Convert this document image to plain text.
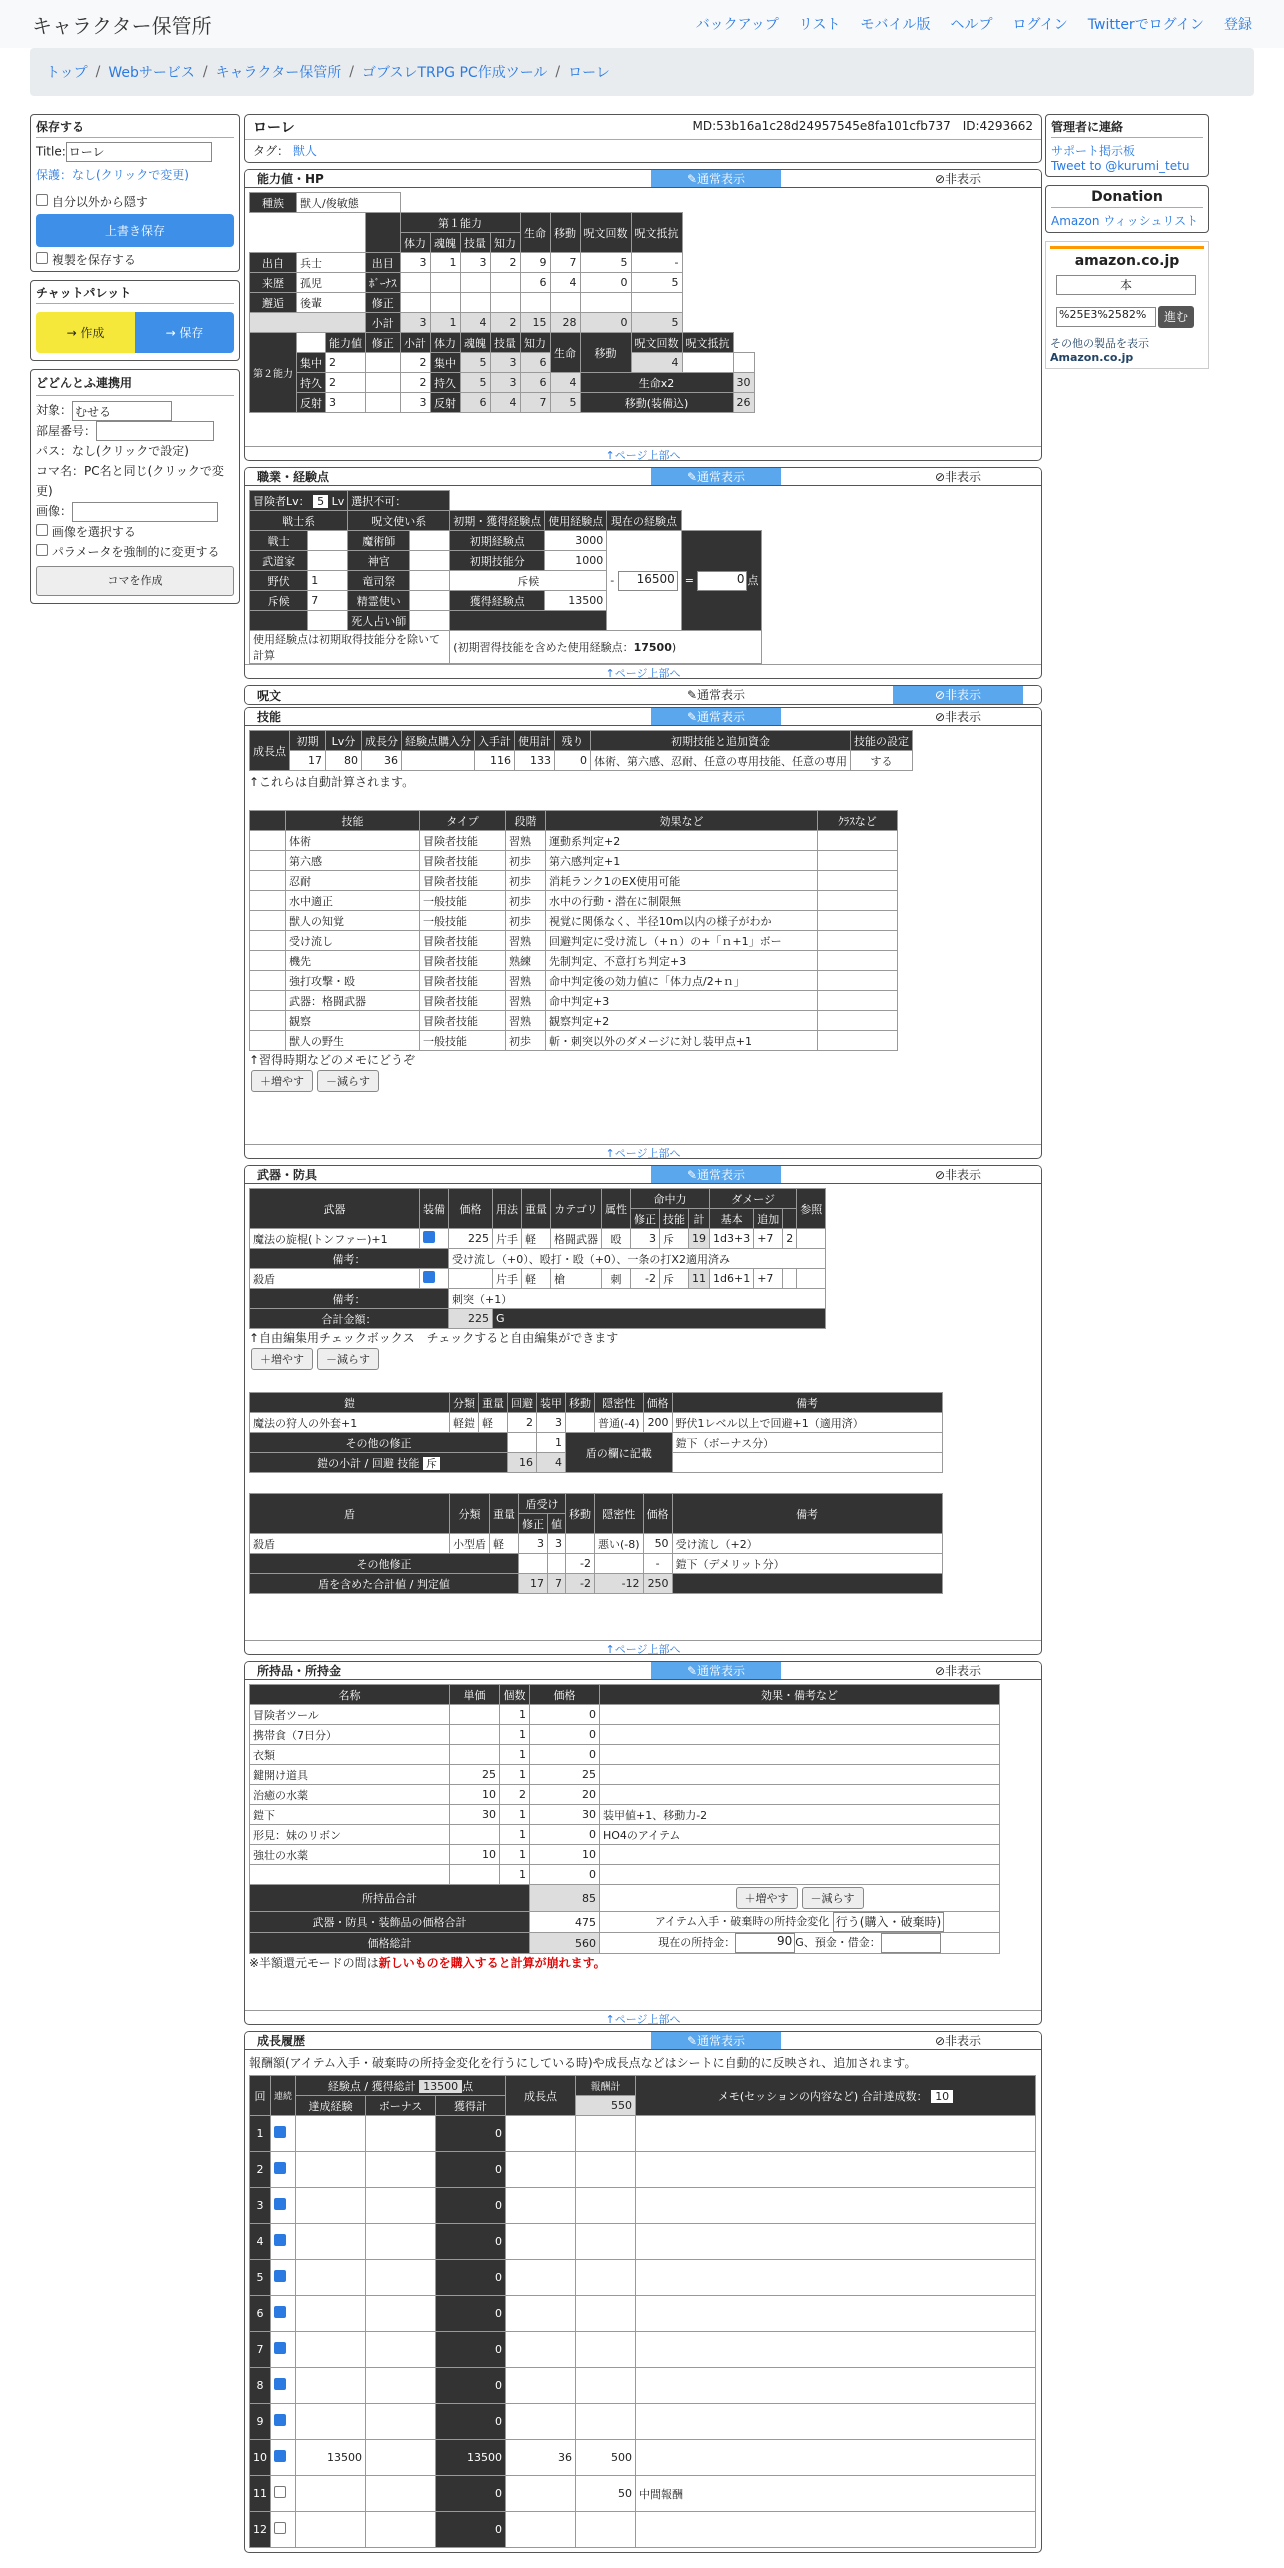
キャラクター保管所	バックアップ リスト モバイル版 ヘルプ ログイン Twitterでログイン 登録
トップ / Webサービス / キャラクター保管所 / ゴブスレTRPG PC作成ツール / ローレ
保存する
Title: ローレ
保護：なし(クリックで変更)
自分以外から隠す
上書き保存
複製を保存する
チャットパレット
→ 作成	→ 保存
どどんとふ連携用
対象： むせる
部屋番号：
パス：なし(クリックで設定)
コマ名：PC名と同じ(クリックで変更)
画像：
画像を選択する
パラメータを強制的に変更する
コマを作成
ローレ	MD:53b16a1c28d24957545e8fa101cfb737　 ID:4293662
タグ： 獣人
能力値・HP	✎通常表示	⊘非表示
種族	獣人/俊敏態												
				第１能力				生命	移動	呪文回数	呪文抵抗		
				体力	魂魄	技量	知力						
出自	兵士		出目	3	1	3	2	9	7	5	-		
来歴	孤児		ﾎﾞｰﾅｽ					6	4	0	5		
邂逅	後輩		修正										
			小計	3	1	4	2	15	28	0	5		
第２能力		能力値	修正	小計	体力	魂魄	技量	知力	生命	移動	呪文回数	呪文抵抗	
	集中	2		2	集中	5	3	6			4		
	持久	2		2	持久	5	3	6	4	生命x2			30
	反射	3		3	反射	6	4	7	5	移動(装備込)			26
↑ページ上部へ
職業・経験点	✎通常表示	⊘非表示
冒険者Lv： 5 Lv		選択不可：					
戦士系		呪文使い系		初期・獲得経験点	使用経験点	現在の経験点	
戦士		魔術師		初期経験点	3000	- 16500	= 0 点
武道家		神官		初期技能分	1000		
野伏	1	竜司祭		斥候			
斥候	7	精霊使い		獲得経験点	13500		
		死人占い師					
使用経験点は初期取得技能分を除いて計算				(初期習得技能を含めた使用経験点：17500)			
↑ページ上部へ
呪文	✎通常表示	⊘非表示
技能	✎通常表示	⊘非表示
成長点	初期	Lv分	成長分	経験点購入分	入手計	使用計	残り	初期技能と追加資金	技能の設定
	17	80	36		116	133	0	体術、第六感、忍耐、任意の専用技能、任意の専用	する
↑これらは自動計算されます。
	技能	タイプ	段階	効果など	ｸﾗｽなど
	体術	冒険者技能	習熟	運動系判定+2	
	第六感	冒険者技能	初歩	第六感判定+1	
	忍耐	冒険者技能	初歩	消耗ランク1のEX使用可能	
	水中適正	一般技能	初歩	水中の行動・潜在に制限無	
	獣人の知覚	一般技能	初歩	視覚に関係なく、半径10m以内の様子がわか	
	受け流し	冒険者技能	習熟	回避判定に受け流し（+ｎ）の+「ｎ+1」ボー	
	機先	冒険者技能	熟練	先制判定、不意打ち判定+3	
	強打攻撃・殴	冒険者技能	習熟	命中判定後の効力値に「体力点/2+ｎ」	
	武器：格闘武器	冒険者技能	習熟	命中判定+3	
	観察	冒険者技能	習熟	観察判定+2	
	獣人の野生	一般技能	初歩	斬・刺突以外のダメージに対し装甲点+1	
↑習得時期などのメモにどうぞ
＋増やす －減らす
↑ページ上部へ
武器・防具	✎通常表示	⊘非表示
武器	装備	価格	用法	重量	カテゴリ	属性	命中力			ダメージ			参照
							修正	技能	計	基本	追加		
魔法の旋棍(トンファー)+1		225	片手	軽	格闘武器	殴	3	斥	19	1d3+3	+7	2	
備考：		受け流し（+0）、殴打・殴（+0）、一条の打X2適用済み											
殺盾			片手	軽	槍	刺	-2	斥	11	1d6+1	+7		
備考：		刺突（+1）											
合計金額：		225	G										
↑自由編集用チェックボックス　チェックすると自由編集ができます
＋増やす －減らす
鎧	分類	重量	回避	装甲	移動	隠密性	価格	備考
魔法の狩人の外套+1	軽鎧	軽	2	3		普通(-4)	200	野伏1レベル以上で回避+1（適用済）
その他の修正				1	盾の欄に記載			鎧下（ボーナス分）
鎧の小計 / 回避 技能 斥			16	4				
盾	分類	重量	盾受け		移動	隠密性	価格	備考
			修正	値				
殺盾	小型盾	軽	3	3		悪い(-8)	50	受け流し（+2）
その他修正					-2		-	鎧下（デメリット分）
盾を含めた合計値 / 判定値			17	7	-2	-12	250	
↑ページ上部へ
所持品・所持金	✎通常表示	⊘非表示
名称	単価	個数	価格	効果・備考など
冒険者ツール		1	0	
携帯食（7日分）		1	0	
衣類		1	0	
鍵開け道具	25	1	25	
治癒の水薬	10	2	20	
鎧下	30	1	30	装甲値+1、移動力-2
形見：妹のリボン		1	0	HO4のアイテム
強壮の水薬	10	1	10	
		1	0	
所持品合計			85	＋増やす －減らす
武器・防具・装飾品の価格合計			475	アイテム入手・破棄時の所持金変化 行う(購入・破棄時)
価格総計			560	現在の所持金： 90 G、預金・借金：
※半額還元モードの間は新しいものを購入すると計算が崩れます。
↑ページ上部へ
成長履歴	✎通常表示	⊘非表示
報酬額(アイテム入手・破棄時の所持金変化を行うにしている時)や成長点などはシートに自動的に反映され、追加されます。
回	連続	経験点 / 獲得総計 13500 点			成長点	報酬計	メモ(セッションの内容など) 合計達成数： 10
		達成経験	ボーナス	獲得計		550	
1				0			
2				0			
3				0			
4				0			
5				0			
6				0			
7				0			
8				0			
9				0			
10		13500		13500	36	500	
11				0		50	中間報酬
12				0			
管理者に連絡
サポート掲示板
Tweet to @kurumi_tetu
Donation
Amazon ウィッシュリスト
amazon.co.jp
本
%25E3%2582% 進む
その他の製品を表示
Amazon.co.jp
